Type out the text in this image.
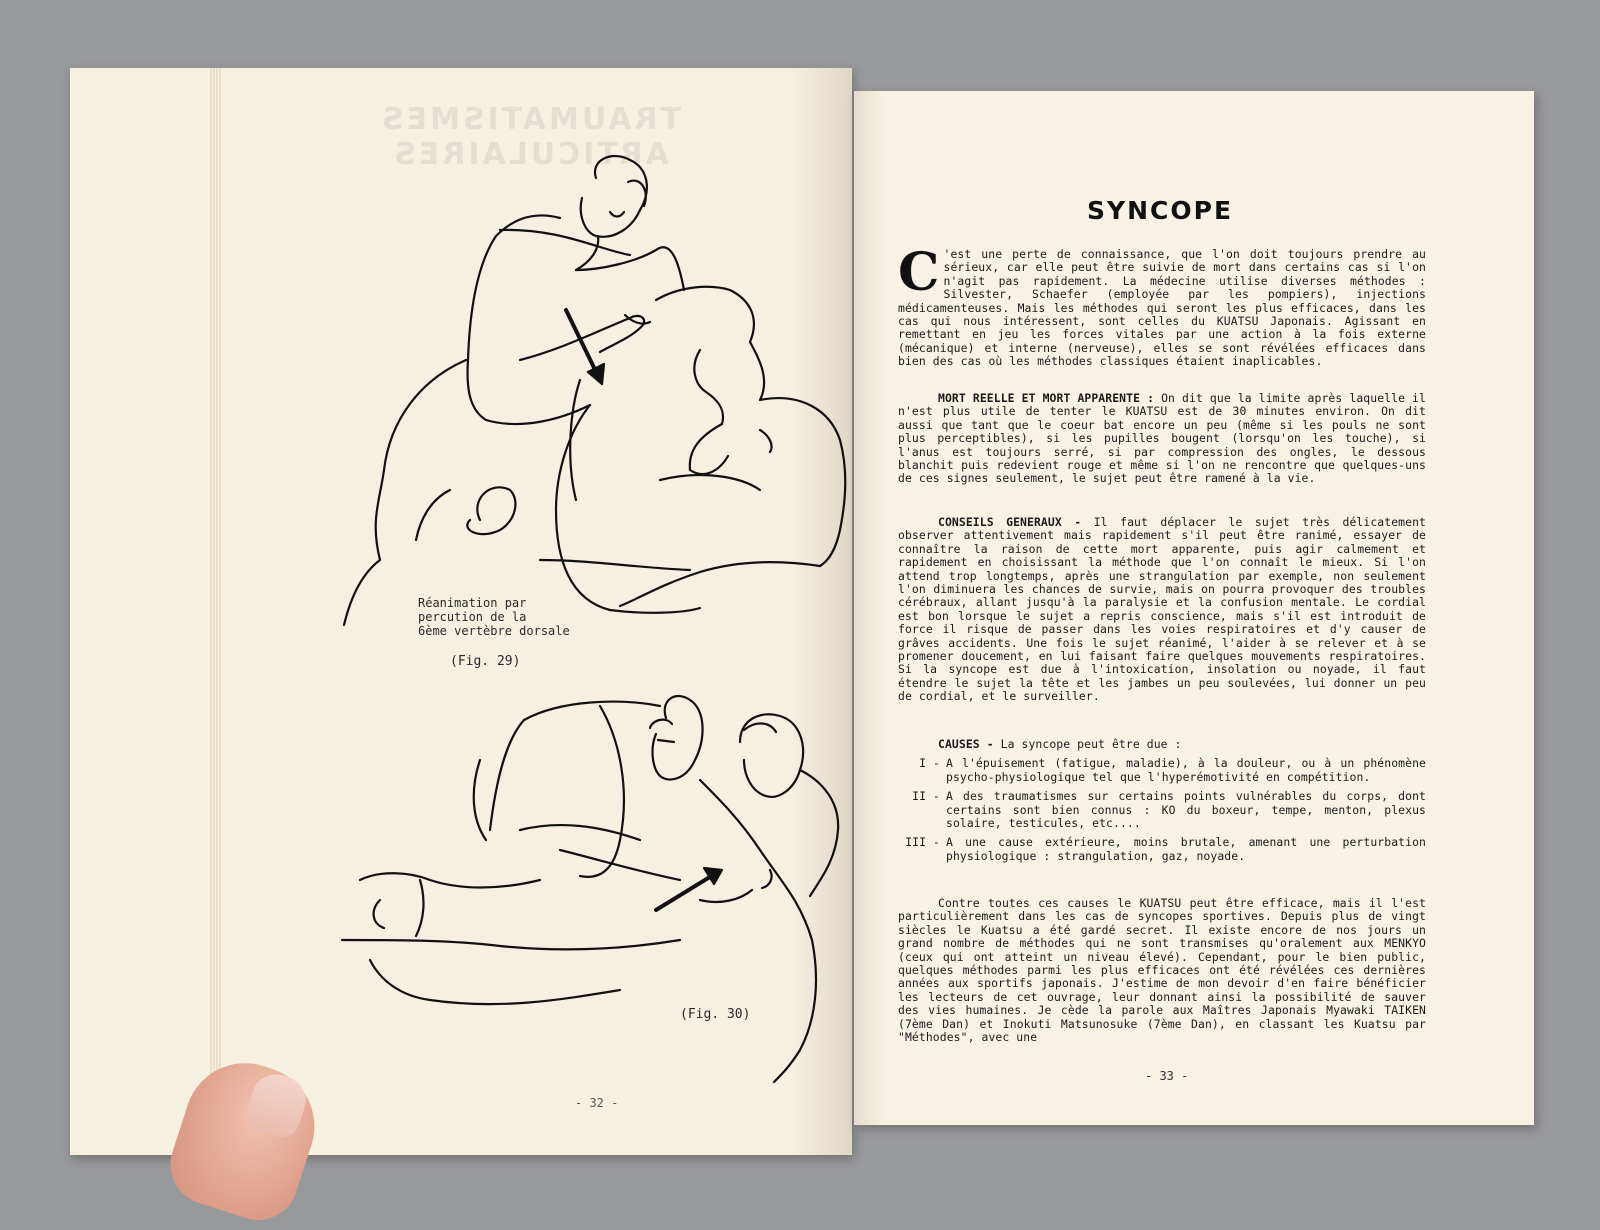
TRAUMATISMES ARTICULAIRES
Réanimation par
percution de la
6ème vertèbre dorsale
(Fig. 29)
(Fig. 30)
- 32 -
SYNCOPE
C 'est une perte de connaissance, que l'on doit toujours prendre au sérieux, car elle peut être suivie de mort dans certains cas si l'on n'agit pas rapidement. La médecine utilise diverses méthodes : Silvester, Schaefer (employée par les pompiers), injections médicamenteuses. Mais les méthodes qui seront les plus efficaces, dans les cas qui nous intéressent, sont celles du KUATSU Japonais. Agissant en remettant en jeu les forces vitales par une action à la fois externe (mécanique) et interne (nerveuse), elles se sont révélées efficaces dans bien des cas où les méthodes classiques étaient inaplicables.
MORT REELLE ET MORT APPARENTE : On dit que la limite après laquelle il n'est plus utile de tenter le KUATSU est de 30 minutes environ. On dit aussi que tant que le coeur bat encore un peu (même si les pouls ne sont plus perceptibles), si les pupilles bougent (lorsqu'on les touche), si l'anus est toujours serré, si par compression des ongles, le dessous blanchit puis redevient rouge et même si l'on ne rencontre que quelques-uns de ces signes seulement, le sujet peut être ramené à la vie.
CONSEILS GENERAUX - Il faut déplacer le sujet très délicatement observer attentivement mais rapidement s'il peut être ranimé, essayer de connaître la raison de cette mort apparente, puis agir calmement et rapidement en choisissant la méthode que l'on connaît le mieux. Si l'on attend trop longtemps, après une strangulation par exemple, non seulement l'on diminuera les chances de survie, mais on pourra provoquer des troubles cérébraux, allant jusqu'à la paralysie et la confusion mentale. Le cordial est bon lorsque le sujet a repris conscience, mais s'il est introduit de force il risque de passer dans les voies respiratoires et d'y causer de grâves accidents. Une fois le sujet réanimé, l'aider à se relever et à se promener doucement, en lui faisant faire quelques mouvements respiratoires. Si la syncope est due à l'intoxication, insolation ou noyade, il faut étendre le sujet la tête et les jambes un peu soulevées, lui donner un peu de cordial, et le surveiller.
CAUSES - La syncope peut être due :
I - A l'épuisement (fatigue, maladie), à la douleur, ou à un phénomène psycho-physiologique tel que l'hyperémotivité en compétition.
II - A des traumatismes sur certains points vulnérables du corps, dont certains sont bien connus : KO du boxeur, tempe, menton, plexus solaire, testicules, etc....
III - A une cause extérieure, moins brutale, amenant une perturbation physiologique : strangulation, gaz, noyade.
Contre toutes ces causes le KUATSU peut être efficace, mais il l'est particulièrement dans les cas de syncopes sportives. Depuis plus de vingt siècles le Kuatsu a été gardé secret. Il existe encore de nos jours un grand nombre de méthodes qui ne sont transmises qu'oralement aux MENKYO (ceux qui ont atteint un niveau élevé). Cependant, pour le bien public, quelques méthodes parmi les plus efficaces ont été révélées ces dernières années aux sportifs japonais. J'estime de mon devoir d'en faire bénéficier les lecteurs de cet ouvrage, leur donnant ainsi la possibilité de sauver des vies humaines. Je cède la parole aux Maîtres Japonais Myawaki TAIKEN (7ème Dan) et Inokuti Matsunosuke (7ème Dan), en classant les Kuatsu par "Méthodes", avec une
- 33 -
